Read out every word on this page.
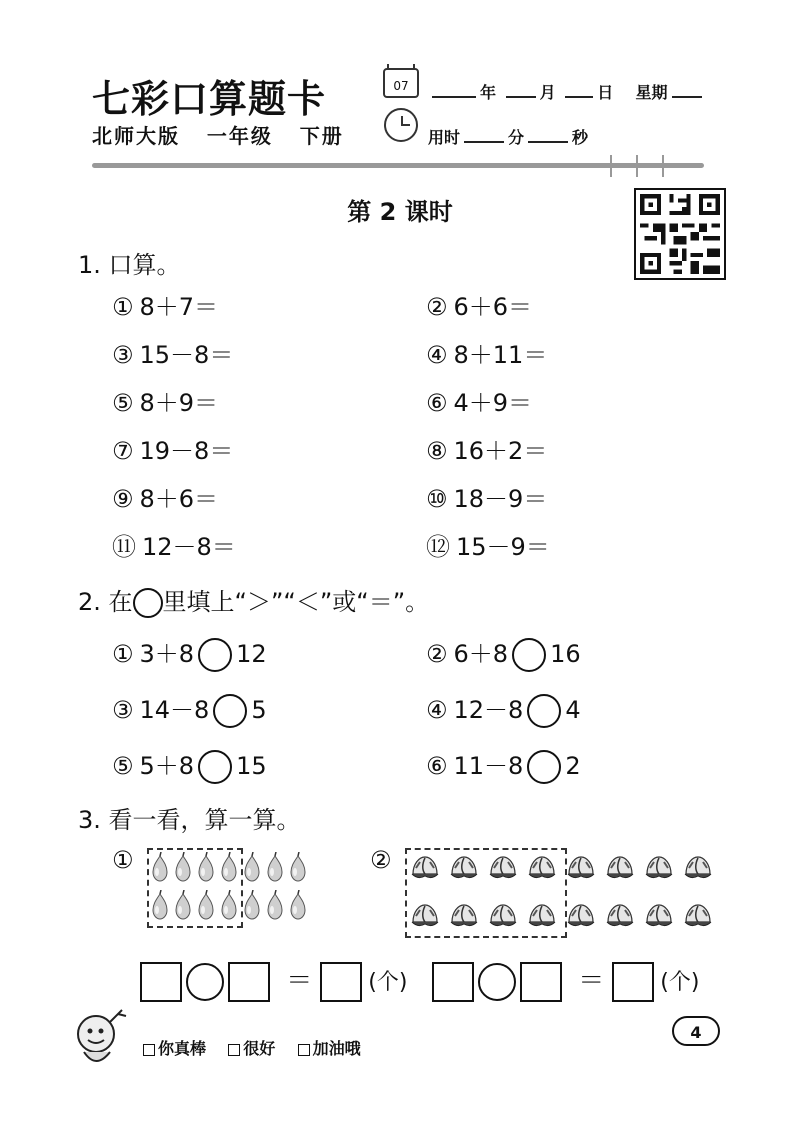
七彩口算题卡
北师大版 一年级 下册
07	年	月	日 星期
用时	分	秒
第 2 课时
1. 口算。
① 8＋7＝	② 6＋6＝
③ 15－8＝	④ 8＋11＝
⑤ 8＋9＝	⑥ 4＋9＝
⑦ 19－8＝	⑧ 16＋2＝
⑨ 8＋6＝	⑩ 18－9＝
⑪ 12－8＝	⑫ 15－9＝
2. 在 里填上“＞”“＜”或“＝”。
① 3＋8 12	② 6＋8 16
③ 14－8 5	④ 12－8 4
⑤ 5＋8 15	⑥ 11－8 2
3. 看一看，算一算。
①	②
＝	(个)	＝	(个)
你真棒 很好 加油哦
4
